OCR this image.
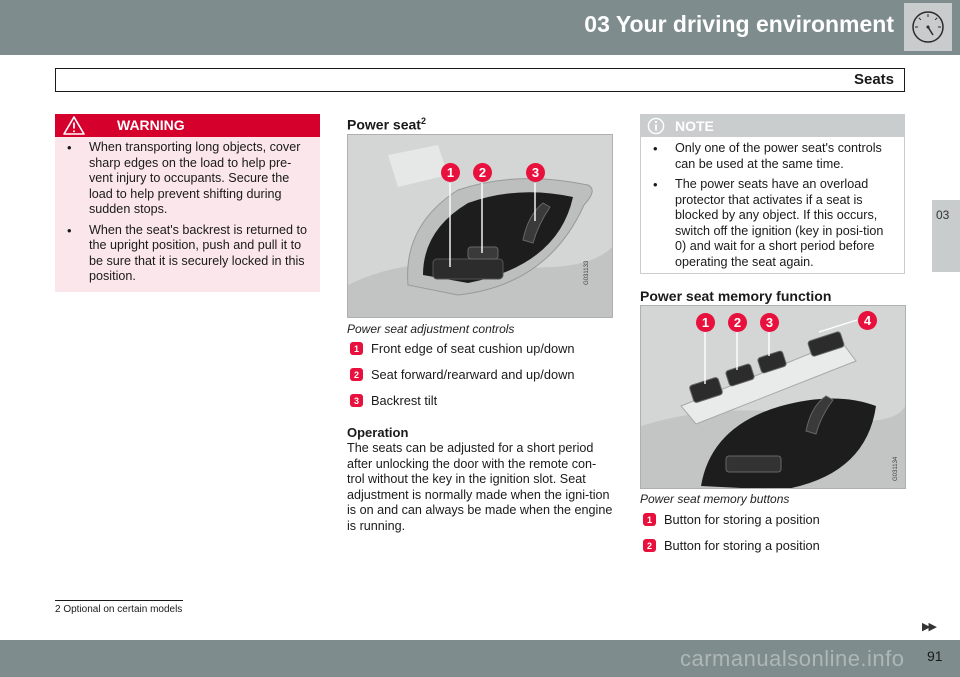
03 Your driving environment
Seats
03
WARNING
• When transporting long objects, cover sharp edges on the load to help pre-vent injury to occupants. Secure the load to help prevent shifting during sudden stops.
• When the seat's backrest is returned to the upright position, push and pull it to be sure that it is securely locked in this position.
Power seat$^2$
1	2	3
G031133
Power seat adjustment controls
1 Front edge of seat cushion up/down
2 Seat forward/rearward and up/down
3 Backrest tilt
Operation
The seats can be adjusted for a short period after unlocking the door with the remote con-trol without the key in the ignition slot. Seat adjustment is normally made when the igni-tion is on and can always be made when the engine is running.
NOTE
• Only one of the power seat's controls can be used at the same time.
• The power seats have an overload protector that activates if a seat is blocked by any object. If this occurs, switch off the ignition (key in posi-tion 0) and wait for a short period before operating the seat again.
Power seat memory function
1	2	3	4
G031134
Power seat memory buttons
1 Button for storing a position
2 Button for storing a position
2 Optional on certain models
carmanualsonline.info
▶▶
91
